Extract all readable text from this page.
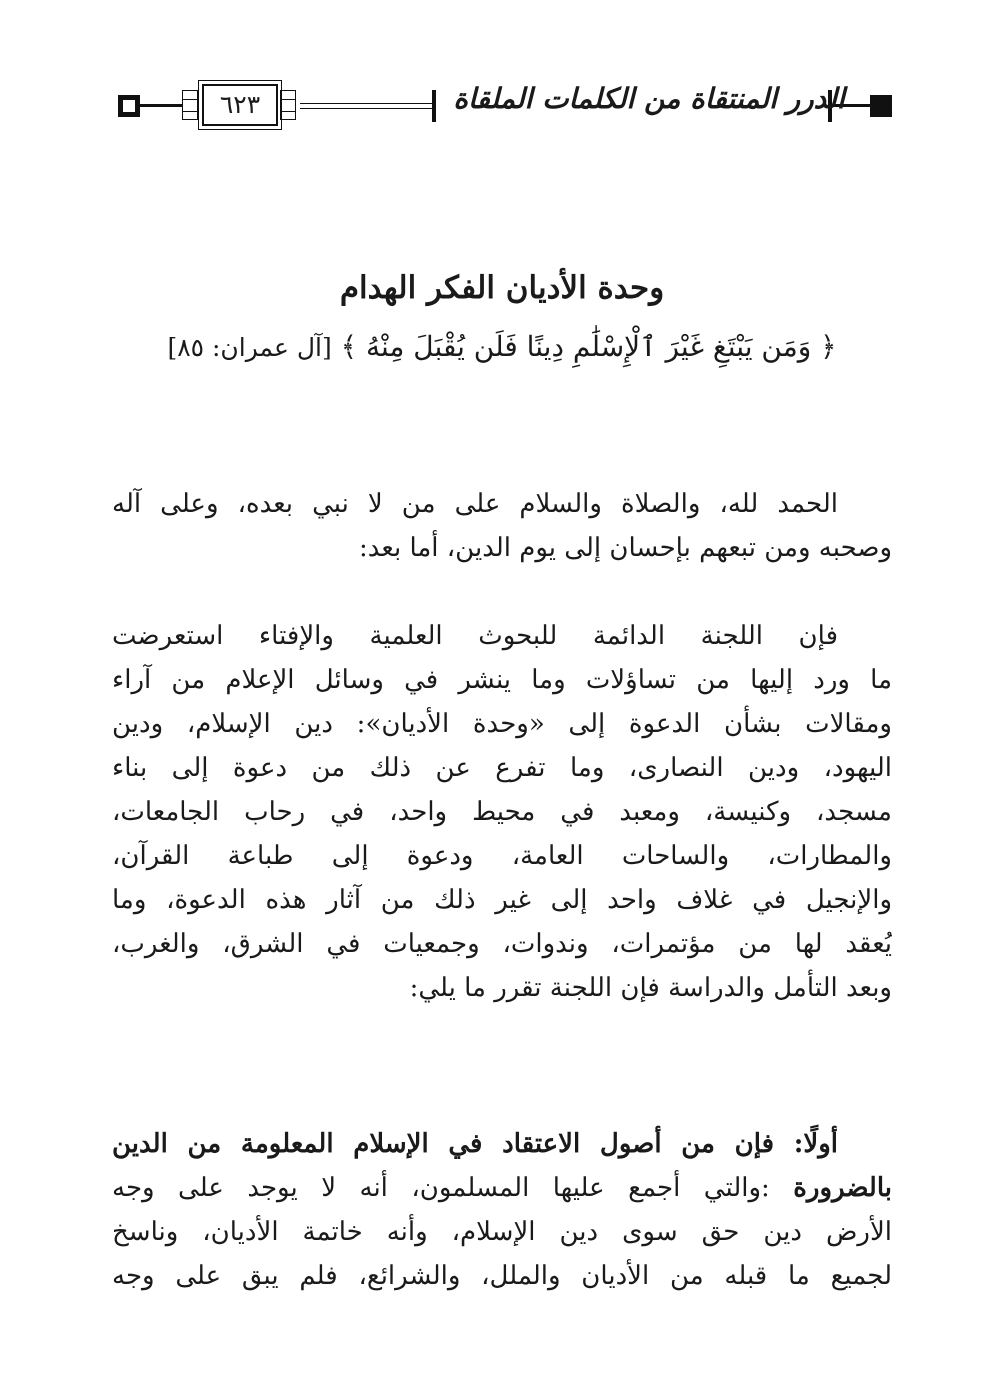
الدرر المنتقاة من الكلمات الملقاة
٦٢٣
وحدة الأديان الفكر الهدام
﴿ وَمَن يَبْتَغِ غَيْرَ ٱلْإِسْلَٰمِ دِينًا فَلَن يُقْبَلَ مِنْهُ ﴾ [آل عمران: ٨٥]
الحمد لله، والصلاة والسلام على من لا نبي بعده، وعلى آله
وصحبه ومن تبعهم بإحسان إلى يوم الدين، أما بعد:
فإن اللجنة الدائمة للبحوث العلمية والإفتاء استعرضت
ما ورد إليها من تساؤلات وما ينشر في وسائل الإعلام من آراء
ومقالات بشأن الدعوة إلى «وحدة الأديان»: دين الإسلام، ودين
اليهود، ودين النصارى، وما تفرع عن ذلك من دعوة إلى بناء
مسجد، وكنيسة، ومعبد في محيط واحد، في رحاب الجامعات،
والمطارات، والساحات العامة، ودعوة إلى طباعة القرآن،
والإنجيل في غلاف واحد إلى غير ذلك من آثار هذه الدعوة، وما
يُعقد لها من مؤتمرات، وندوات، وجمعيات في الشرق، والغرب،
وبعد التأمل والدراسة فإن اللجنة تقرر ما يلي:
أولًا: فإن من أصول الاعتقاد في الإسلام المعلومة من الدين
بالضرورة :والتي أجمع عليها المسلمون، أنه لا يوجد على وجه
الأرض دين حق سوى دين الإسلام، وأنه خاتمة الأديان، وناسخ
لجميع ما قبله من الأديان والملل، والشرائع، فلم يبق على وجه
